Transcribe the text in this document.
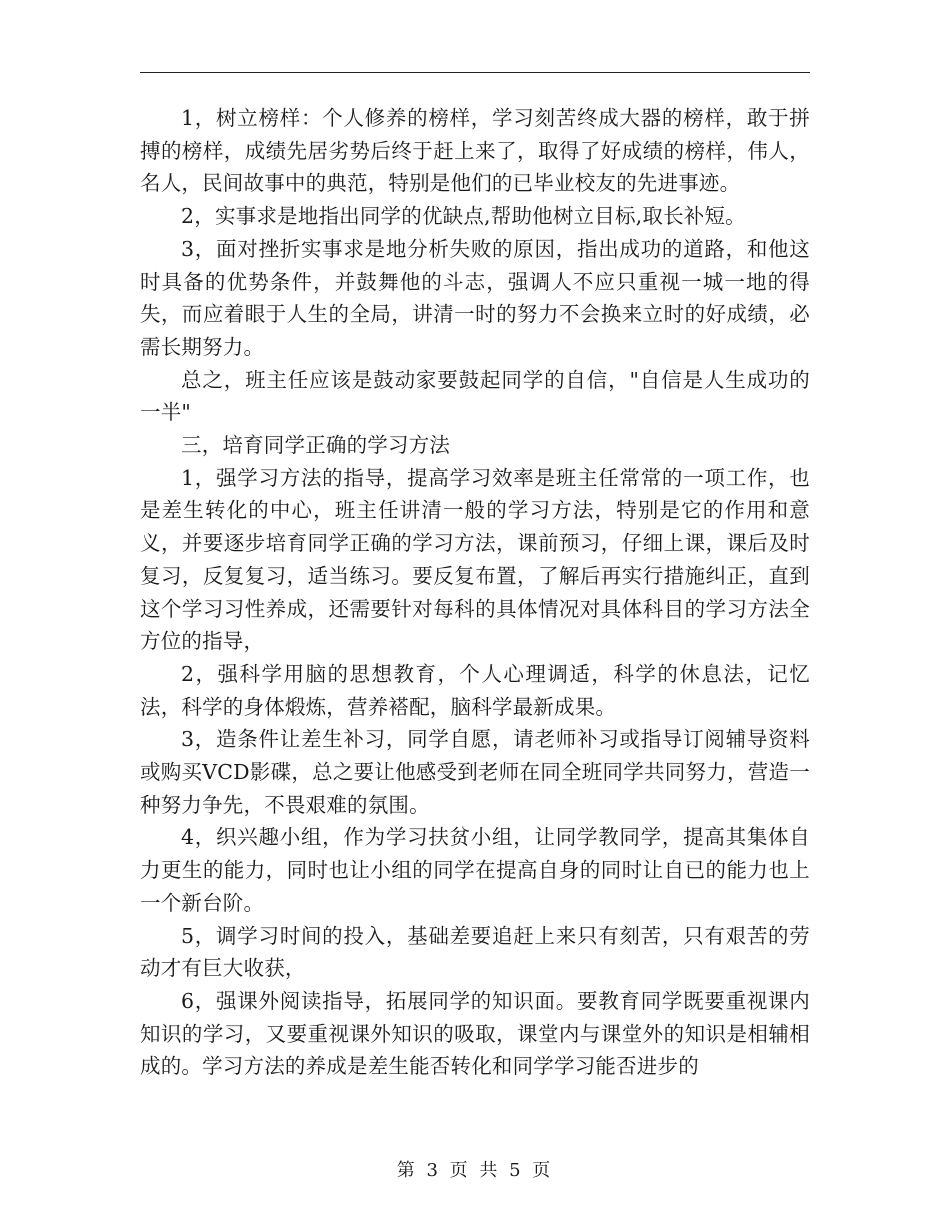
1，树立榜样：个人修养的榜样，学习刻苦终成大器的榜样，敢于拼搏的榜样，成绩先居劣势后终于赶上来了，取得了好成绩的榜样，伟人，名人，民间故事中的典范，特别是他们的已毕业校友的先进事迹。

2，实事求是地指出同学的优缺点,帮助他树立目标,取长补短。

3，面对挫折实事求是地分析失败的原因，指出成功的道路，和他这时具备的优势条件，并鼓舞他的斗志，强调人不应只重视一城一地的得失，而应着眼于人生的全局，讲清一时的努力不会换来立时的好成绩，必需长期努力。

总之，班主任应该是鼓动家要鼓起同学的自信，"自信是人生成功的一半"

三，培育同学正确的学习方法

1，强学习方法的指导，提高学习效率是班主任常常的一项工作，也是差生转化的中心，班主任讲清一般的学习方法，特别是它的作用和意义，并要逐步培育同学正确的学习方法，课前预习，仔细上课，课后及时复习，反复复习，适当练习。要反复布置，了解后再实行措施纠正，直到这个学习习性养成，还需要针对每科的具体情况对具体科目的学习方法全方位的指导，

2，强科学用脑的思想教育，个人心理调适，科学的休息法，记忆法，科学的身体煅炼，营养褡配，脑科学最新成果。

3，造条件让差生补习，同学自愿，请老师补习或指导订阅辅导资料或购买VCD影碟，总之要让他感受到老师在同全班同学共同努力，营造一种努力争先，不畏艰难的氛围。

4，织兴趣小组，作为学习扶贫小组，让同学教同学，提高其集体自力更生的能力，同时也让小组的同学在提高自身的同时让自已的能力也上一个新台阶。

5，调学习时间的投入，基础差要追赶上来只有刻苦，只有艰苦的劳动才有巨大收获，

6，强课外阅读指导，拓展同学的知识面。要教育同学既要重视课内知识的学习，又要重视课外知识的吸取，课堂内与课堂外的知识是相辅相成的。学习方法的养成是差生能否转化和同学学习能否进步的

第 3 页 共 5 页
